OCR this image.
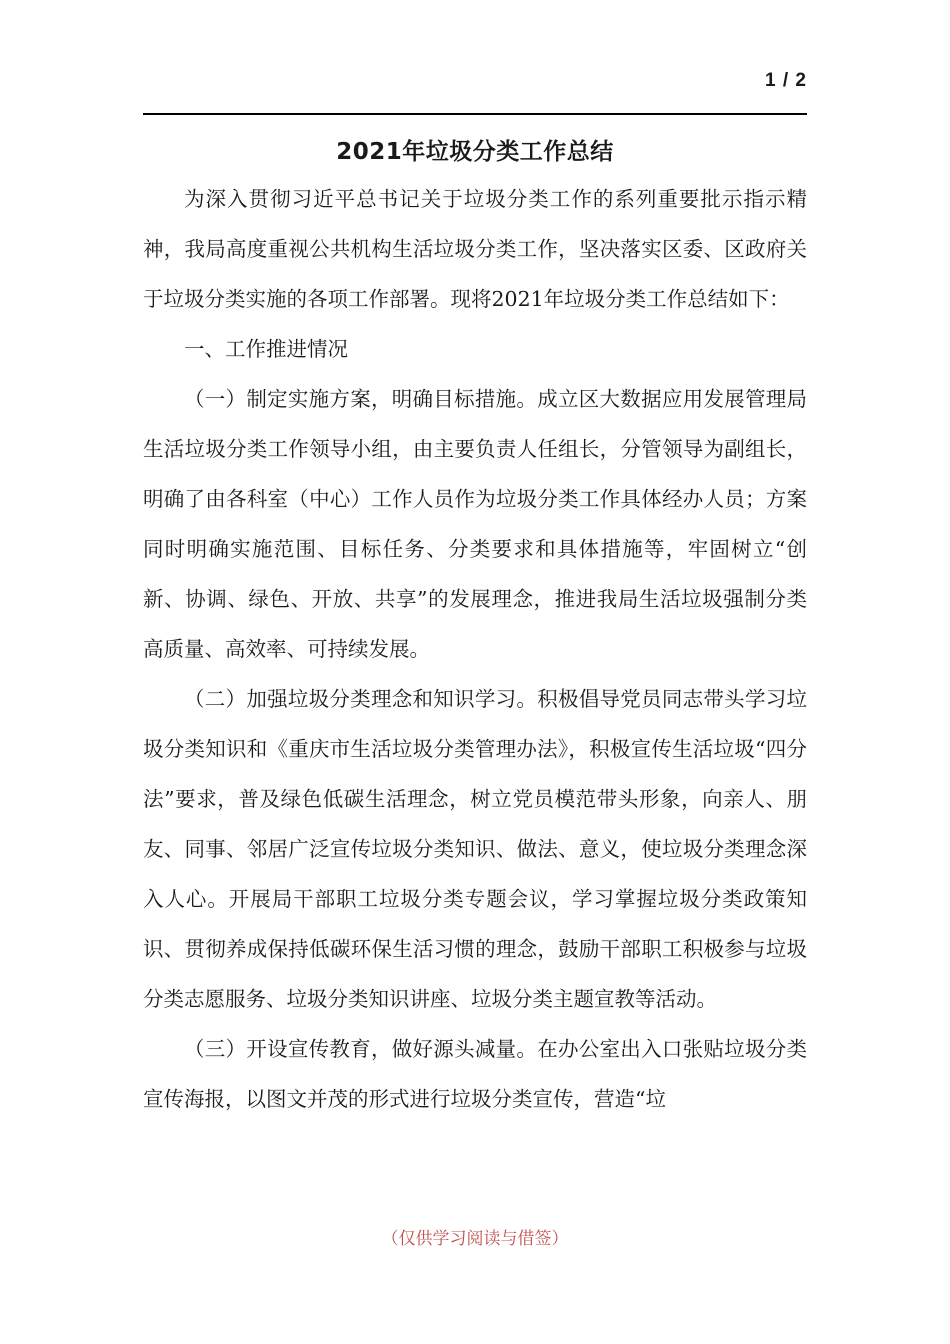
1 / 2
2021年垃圾分类工作总结

为深入贯彻习近平总书记关于垃圾分类工作的系列重要批示指示精神，我局高度重视公共机构生活垃圾分类工作，坚决落实区委、区政府关于垃圾分类实施的各项工作部署。现将2021年垃圾分类工作总结如下：

一、工作推进情况

（一）制定实施方案，明确目标措施。成立区大数据应用发展管理局生活垃圾分类工作领导小组，由主要负责人任组长，分管领导为副组长，明确了由各科室（中心）工作人员作为垃圾分类工作具体经办人员；方案同时明确实施范围、目标任务、分类要求和具体措施等，牢固树立“创新、协调、绿色、开放、共享”的发展理念，推进我局生活垃圾强制分类高质量、高效率、可持续发展。

（二）加强垃圾分类理念和知识学习。积极倡导党员同志带头学习垃圾分类知识和《重庆市生活垃圾分类管理办法》，积极宣传生活垃圾“四分法”要求，普及绿色低碳生活理念，树立党员模范带头形象，向亲人、朋友、同事、邻居广泛宣传垃圾分类知识、做法、意义，使垃圾分类理念深入人心。开展局干部职工垃圾分类专题会议，学习掌握垃圾分类政策知识、贯彻养成保持低碳环保生活习惯的理念，鼓励干部职工积极参与垃圾分类志愿服务、垃圾分类知识讲座、垃圾分类主题宣教等活动。

（三）开设宣传教育，做好源头减量。在办公室出入口张贴垃圾分类宣传海报，以图文并茂的形式进行垃圾分类宣传，营造“垃

（仅供学习阅读与借签）
